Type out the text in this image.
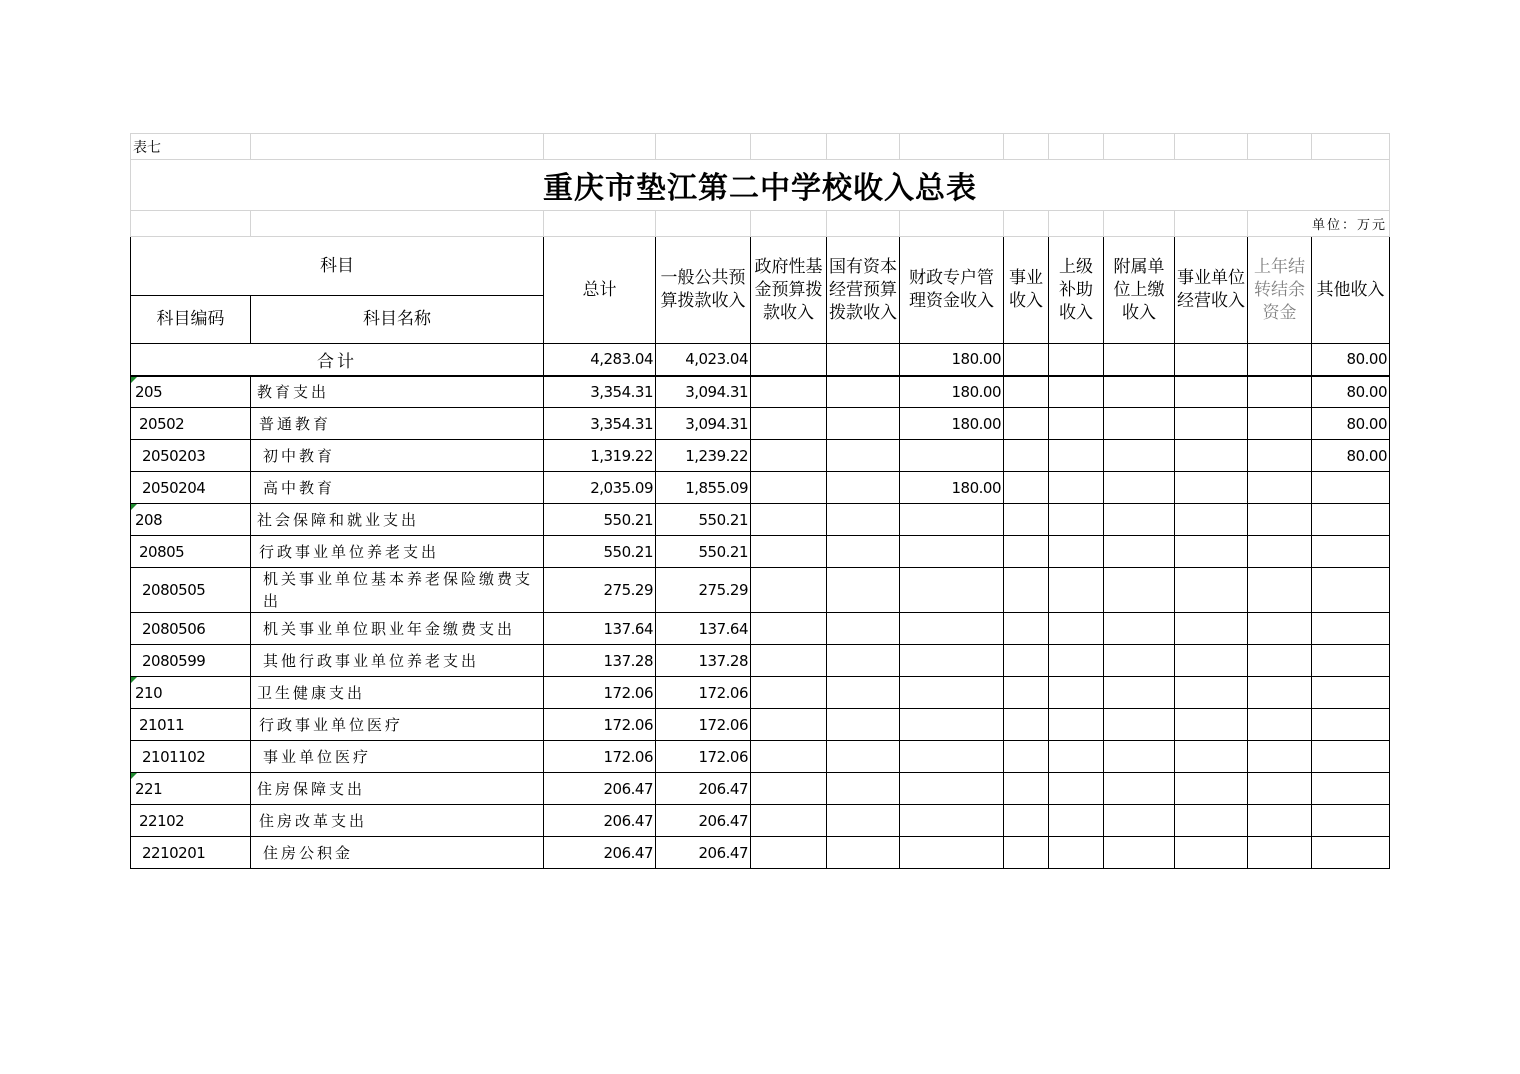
表七												
重庆市垫江第二中学校收入总表												
											单位：万元	
科目		总计	一般公共预算拨款收入	政府性基金预算拨款收入	国有资本经营预算拨款收入	财政专户管理资金收入	事业收入	上级补助收入	附属单位上缴收入	事业单位经营收入	上年结转结余资金	其他收入
科目编码	科目名称											
合计		4,283.04	4,023.04			180.00						80.00
205	教育支出	3,354.31	3,094.31			180.00						80.00
20502	普通教育	3,354.31	3,094.31			180.00						80.00
2050203	初中教育	1,319.22	1,239.22									80.00
2050204	高中教育	2,035.09	1,855.09			180.00						
208	社会保障和就业支出	550.21	550.21									
20805	行政事业单位养老支出	550.21	550.21									
2080505	机关事业单位基本养老保险缴费支出	275.29	275.29									
2080506	机关事业单位职业年金缴费支出	137.64	137.64									
2080599	其他行政事业单位养老支出	137.28	137.28									
210	卫生健康支出	172.06	172.06									
21011	行政事业单位医疗	172.06	172.06									
2101102	事业单位医疗	172.06	172.06									
221	住房保障支出	206.47	206.47									
22102	住房改革支出	206.47	206.47									
2210201	住房公积金	206.47	206.47									
